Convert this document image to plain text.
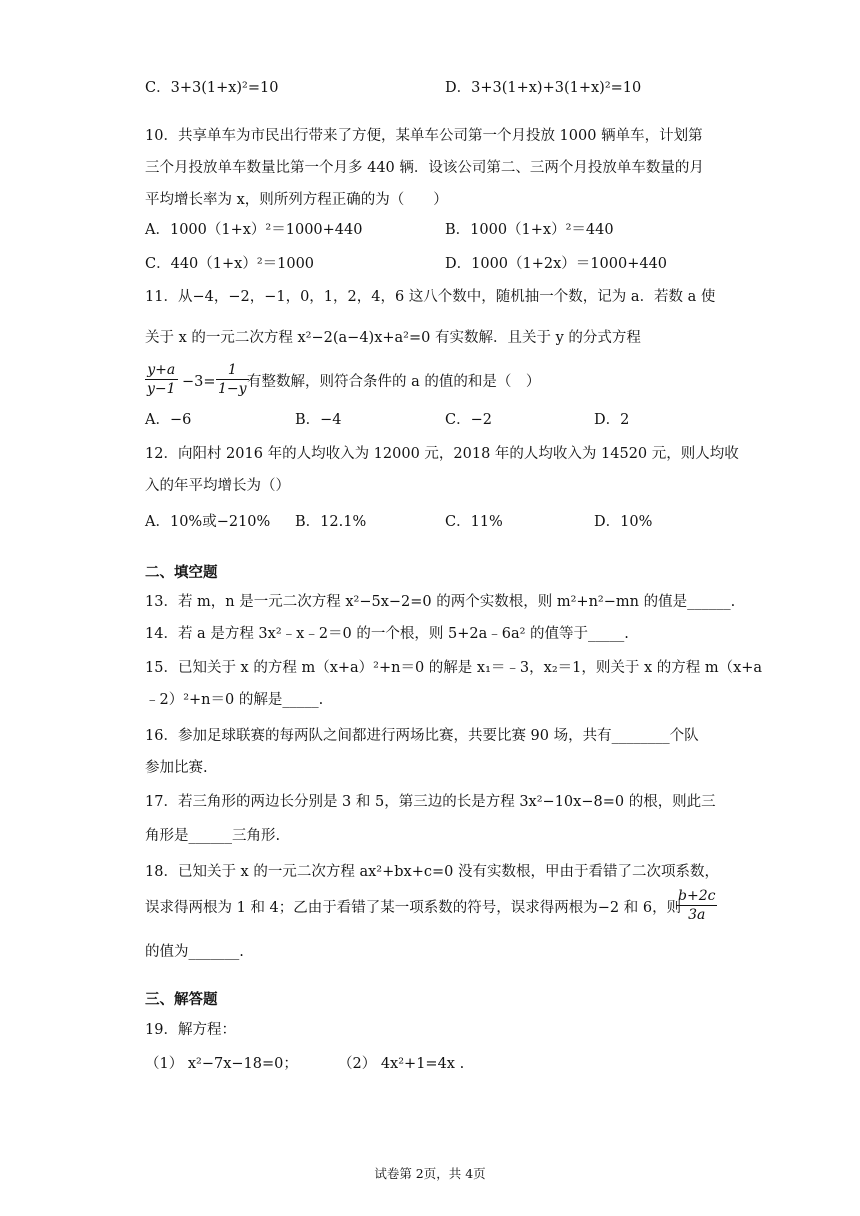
C．3+3(1+x)²=10	D．3+3(1+x)+3(1+x)²=10
10．共享单车为市民出行带来了方便，某单车公司第一个月投放 1000 辆单车，计划第
三个月投放单车数量比第一个月多 440 辆．设该公司第二、三两个月投放单车数量的月
平均增长率为 x，则所列方程正确的为（　　）
A．1000（1+x）²＝1000+440	B．1000（1+x）²＝440
C．440（1+x）²＝1000	D．1000（1+2x）＝1000+440
11．从−4，−2，−1，0，1，2，4，6 这八个数中，随机抽一个数，记为 a．若数 a 使
关于 x 的一元二次方程 x²−2(a−4)x+a²=0 有实数解．且关于 y 的分式方程
$\frac{y+a}{y-1} -3= \frac{1}{1-y}$
有整数解，则符合条件的 a 的值的和是（　）
A．−6	B．−4	C．−2	D．2
12．向阳村 2016 年的人均收入为 12000 元，2018 年的人均收入为 14520 元，则人均收
入的年平均增长为（）
A．10%或−210% B．12.1%	C．11%	D．10%
二、填空题
13．若 m，n 是一元二次方程 x²−5x−2=0 的两个实数根，则 m²+n²−mn 的值是______.
14．若 a 是方程 3x²﹣x﹣2＝0 的一个根，则 5+2a﹣6a² 的值等于_____.
15．已知关于 x 的方程 m（x+a）²+n＝0 的解是 x₁＝﹣3，x₂＝1，则关于 x 的方程 m（x+a
﹣2）²+n＝0 的解是_____.
16．参加足球联赛的每两队之间都进行两场比赛，共要比赛 90 场，共有________个队
参加比赛.
17．若三角形的两边长分别是 3 和 5，第三边的长是方程 3x²−10x−8=0 的根，则此三
角形是______三角形.
18．已知关于 x 的一元二次方程 ax²+bx+c=0 没有实数根，甲由于看错了二次项系数，
误求得两根为 1 和 4；乙由于看错了某一项系数的符号，误求得两根为−2 和 6，则
$\frac{b+2c}{3a}$
的值为_______.
三、解答题
19．解方程：
（1） x²−7x−18=0；	（2） 4x²+1=4x .
试卷第 2页，共 4页
